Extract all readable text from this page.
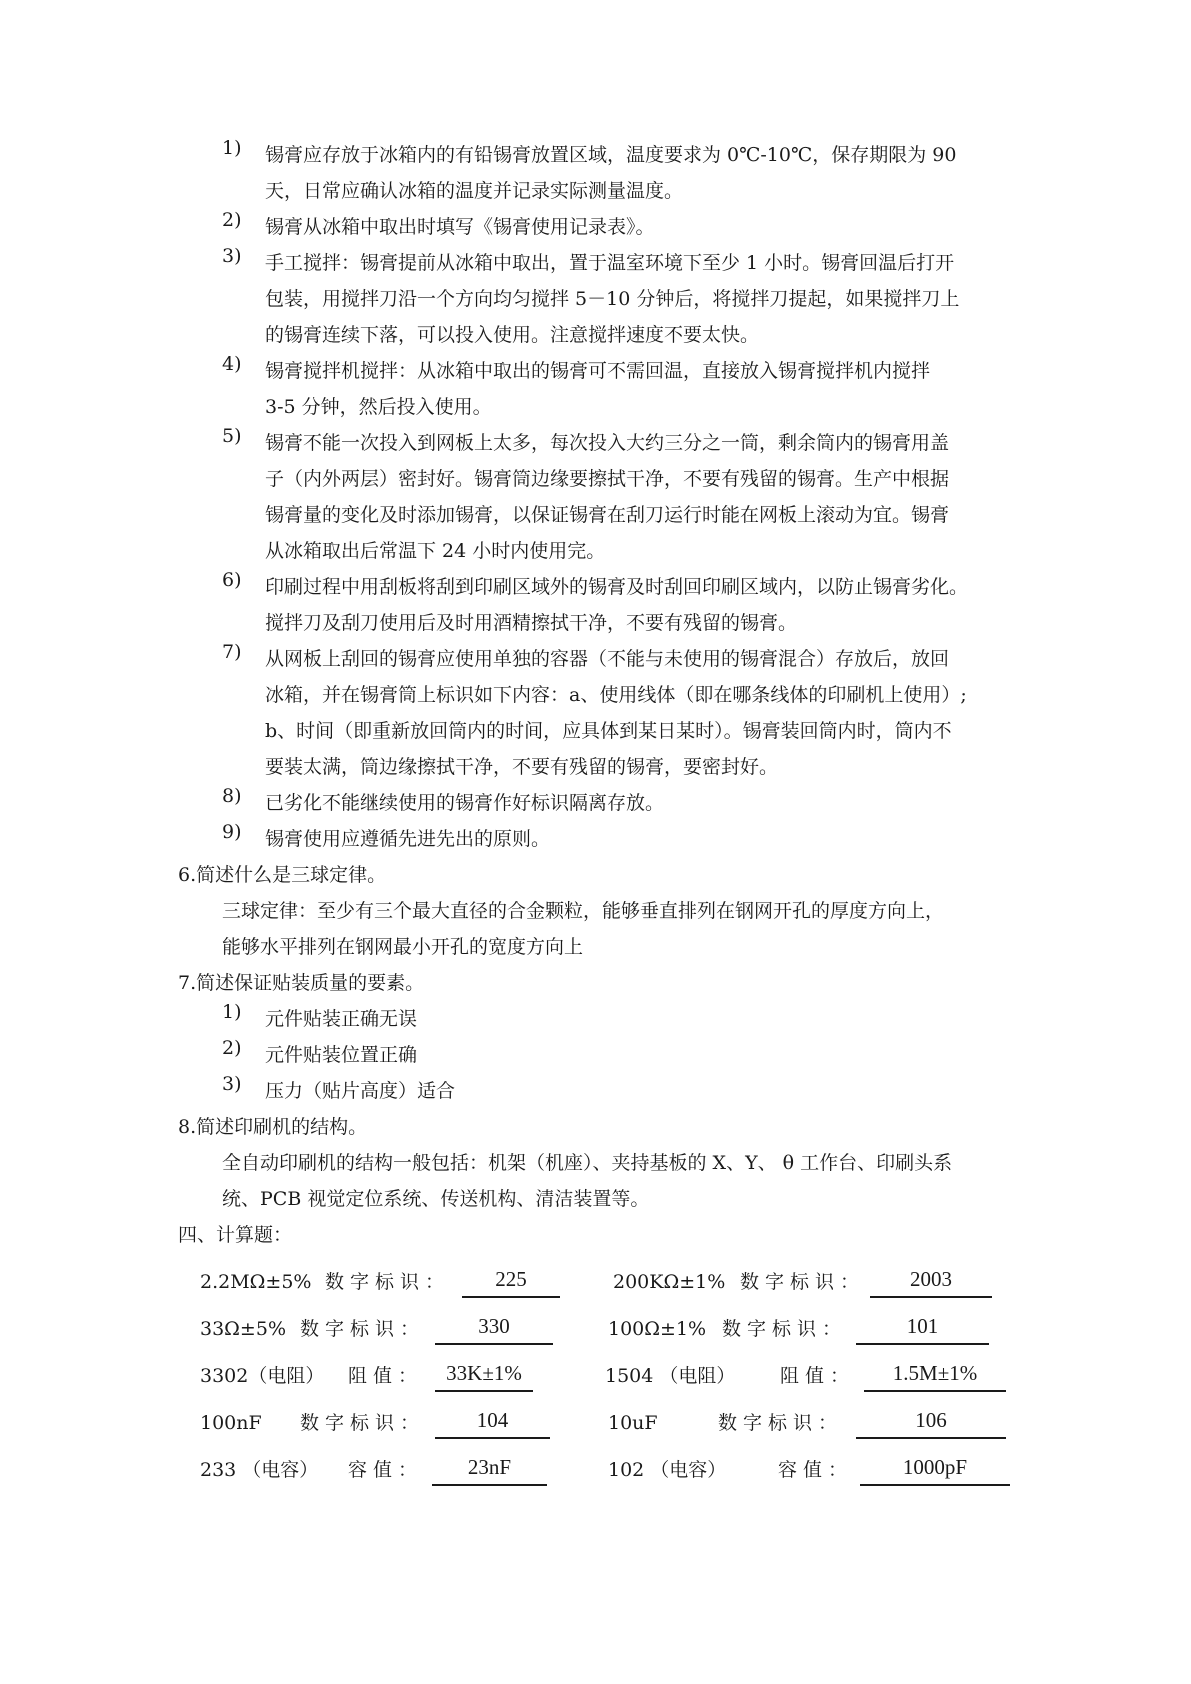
1)	锡膏应存放于冰箱内的有铅锡膏放置区域，温度要求为 0℃-10℃，保存期限为 90
天，日常应确认冰箱的温度并记录实际测量温度。
2)	锡膏从冰箱中取出时填写《锡膏使用记录表》。
3)	手工搅拌：锡膏提前从冰箱中取出，置于温室环境下至少 1 小时。锡膏回温后打开
包装，用搅拌刀沿一个方向均匀搅拌 5－10 分钟后，将搅拌刀提起，如果搅拌刀上
的锡膏连续下落，可以投入使用。注意搅拌速度不要太快。
4)	锡膏搅拌机搅拌：从冰箱中取出的锡膏可不需回温，直接放入锡膏搅拌机内搅拌
3-5 分钟，然后投入使用。
5)	锡膏不能一次投入到网板上太多，每次投入大约三分之一筒，剩余筒内的锡膏用盖
子（内外两层）密封好。锡膏筒边缘要擦拭干净，不要有残留的锡膏。生产中根据
锡膏量的变化及时添加锡膏，以保证锡膏在刮刀运行时能在网板上滚动为宜。锡膏
从冰箱取出后常温下 24 小时内使用完。
6)	印刷过程中用刮板将刮到印刷区域外的锡膏及时刮回印刷区域内，以防止锡膏劣化。
搅拌刀及刮刀使用后及时用酒精擦拭干净，不要有残留的锡膏。
7)	从网板上刮回的锡膏应使用单独的容器（不能与未使用的锡膏混合）存放后，放回
冰箱，并在锡膏筒上标识如下内容：a、使用线体（即在哪条线体的印刷机上使用）;
b、时间（即重新放回筒内的时间，应具体到某日某时）。锡膏装回筒内时，筒内不
要装太满，筒边缘擦拭干净，不要有残留的锡膏，要密封好。
8)	已劣化不能继续使用的锡膏作好标识隔离存放。
9)	锡膏使用应遵循先进先出的原则。
6.简述什么是三球定律。
三球定律：至少有三个最大直径的合金颗粒，能够垂直排列在钢网开孔的厚度方向上，
能够水平排列在钢网最小开孔的宽度方向上
7.简述保证贴装质量的要素。
1)	元件贴装正确无误
2)	元件贴装位置正确
3)	压力（贴片高度）适合
8.简述印刷机的结构。
全自动印刷机的结构一般包括：机架（机座）、夹持基板的 X、Y、 θ 工作台、印刷头系
统、PCB 视觉定位系统、传送机构、清洁装置等。
四、计算题：
2.2MΩ±5% 数字标识：	225	200KΩ±1% 数字标识：	2003
33Ω±5% 数字标识：	330	100Ω±1% 数字标识：	101
3302（电阻） 阻值：	33K±1%	1504 （电阻） 阻值：	1.5M±1%
100nF 数字标识：	104	10uF	数字标识：	106
233 （电容） 容值：	23nF	102 （电容）	容值：	1000pF
